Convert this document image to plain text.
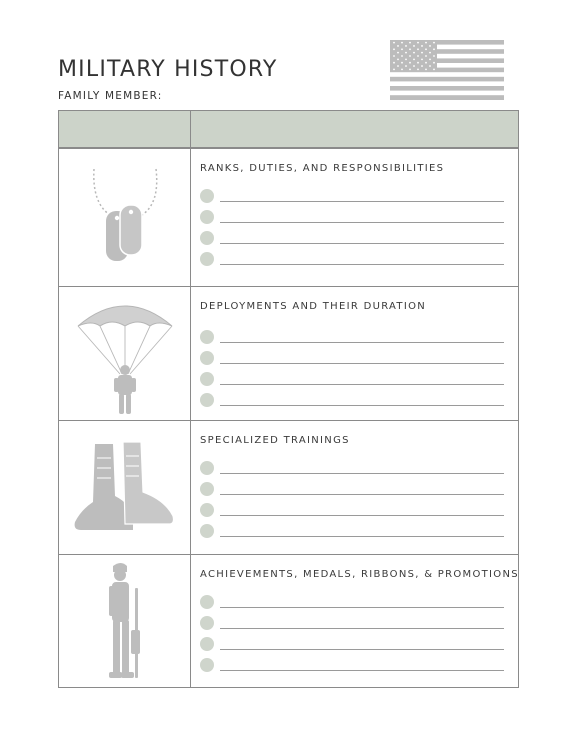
MILITARY HISTORY
FAMILY MEMBER:
RANKS, DUTIES, AND RESPONSIBILITIES
DEPLOYMENTS AND THEIR DURATION
SPECIALIZED TRAININGS
ACHIEVEMENTS, MEDALS, RIBBONS, & PROMOTIONS
